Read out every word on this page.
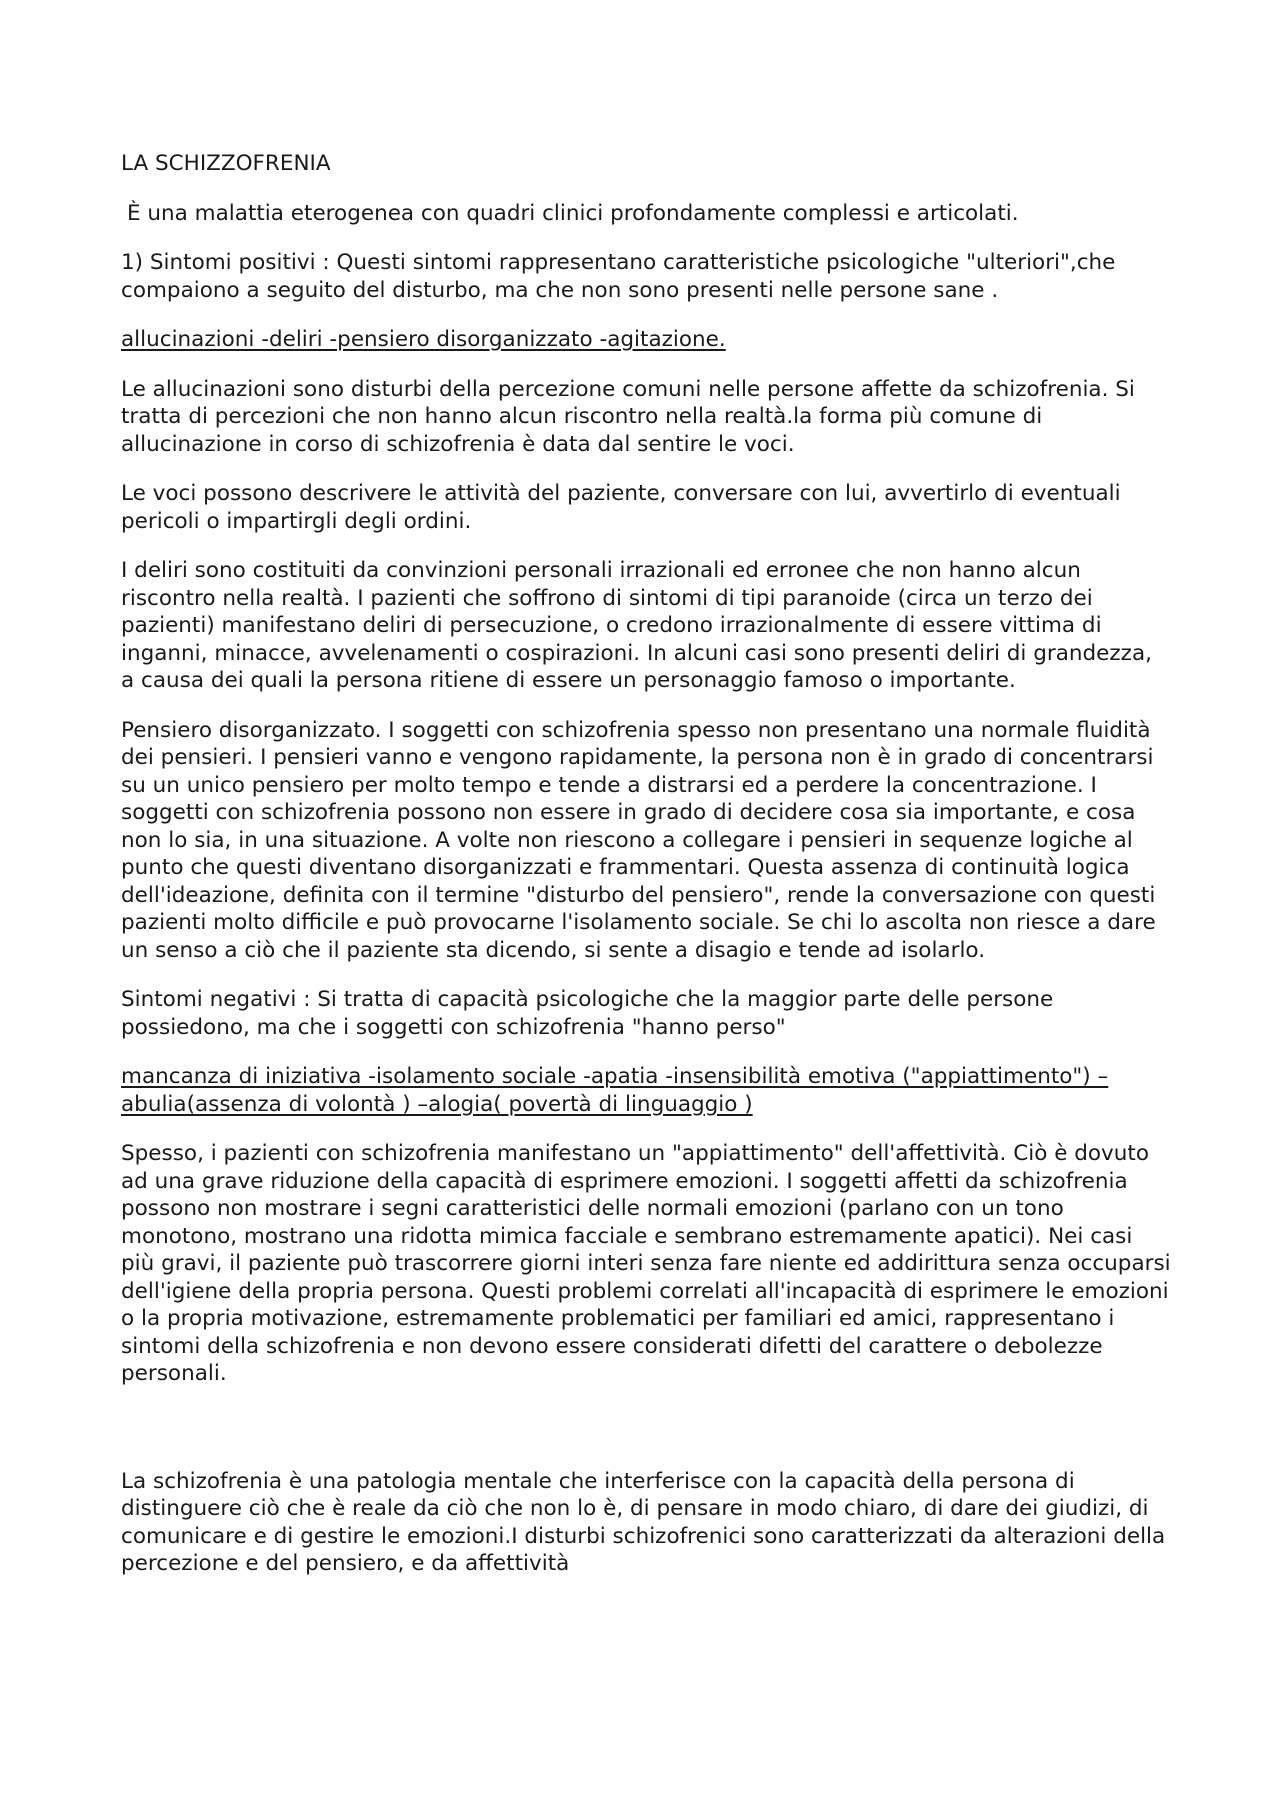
LA SCHIZZOFRENIA

È una malattia eterogenea con quadri clinici profondamente complessi e articolati.

1) Sintomi positivi : Questi sintomi rappresentano caratteristiche psicologiche "ulteriori",che compaiono a seguito del disturbo, ma che non sono presenti nelle persone sane .

allucinazioni -deliri -pensiero disorganizzato -agitazione.

Le allucinazioni sono disturbi della percezione comuni nelle persone affette da schizofrenia. Si tratta di percezioni che non hanno alcun riscontro nella realtà.la forma più comune di allucinazione in corso di schizofrenia è data dal sentire le voci.

Le voci possono descrivere le attività del paziente, conversare con lui, avvertirlo di eventuali pericoli o impartirgli degli ordini.

I deliri sono costituiti da convinzioni personali irrazionali ed erronee che non hanno alcun riscontro nella realtà. I pazienti che soffrono di sintomi di tipi paranoide (circa un terzo dei pazienti) manifestano deliri di persecuzione, o credono irrazionalmente di essere vittima di inganni, minacce, avvelenamenti o cospirazioni. In alcuni casi sono presenti deliri di grandezza, a causa dei quali la persona ritiene di essere un personaggio famoso o importante.

Pensiero disorganizzato. I soggetti con schizofrenia spesso non presentano una normale fluidità dei pensieri. I pensieri vanno e vengono rapidamente, la persona non è in grado di concentrarsi su un unico pensiero per molto tempo e tende a distrarsi ed a perdere la concentrazione. I soggetti con schizofrenia possono non essere in grado di decidere cosa sia importante, e cosa non lo sia, in una situazione. A volte non riescono a collegare i pensieri in sequenze logiche al punto che questi diventano disorganizzati e frammentari. Questa assenza di continuità logica dell'ideazione, definita con il termine "disturbo del pensiero", rende la conversazione con questi pazienti molto difficile e può provocarne l'isolamento sociale. Se chi lo ascolta non riesce a dare un senso a ciò che il paziente sta dicendo, si sente a disagio e tende ad isolarlo.

Sintomi negativi : Si tratta di capacità psicologiche che la maggior parte delle persone possiedono, ma che i soggetti con schizofrenia "hanno perso"

mancanza di iniziativa -isolamento sociale -apatia -insensibilità emotiva ("appiattimento") – abulia(assenza di volontà ) –alogia( povertà di linguaggio )

Spesso, i pazienti con schizofrenia manifestano un "appiattimento" dell'affettività. Ciò è dovuto ad una grave riduzione della capacità di esprimere emozioni. I soggetti affetti da schizofrenia possono non mostrare i segni caratteristici delle normali emozioni (parlano con un tono monotono, mostrano una ridotta mimica facciale e sembrano estremamente apatici). Nei casi più gravi, il paziente può trascorrere giorni interi senza fare niente ed addirittura senza occuparsi dell'igiene della propria persona. Questi problemi correlati all'incapacità di esprimere le emozioni o la propria motivazione, estremamente problematici per familiari ed amici, rappresentano i sintomi della schizofrenia e non devono essere considerati difetti del carattere o debolezze personali.

La schizofrenia è una patologia mentale che interferisce con la capacità della persona di distinguere ciò che è reale da ciò che non lo è, di pensare in modo chiaro, di dare dei giudizi, di comunicare e di gestire le emozioni.I disturbi schizofrenici sono caratterizzati da alterazioni della percezione e del pensiero, e da affettività
